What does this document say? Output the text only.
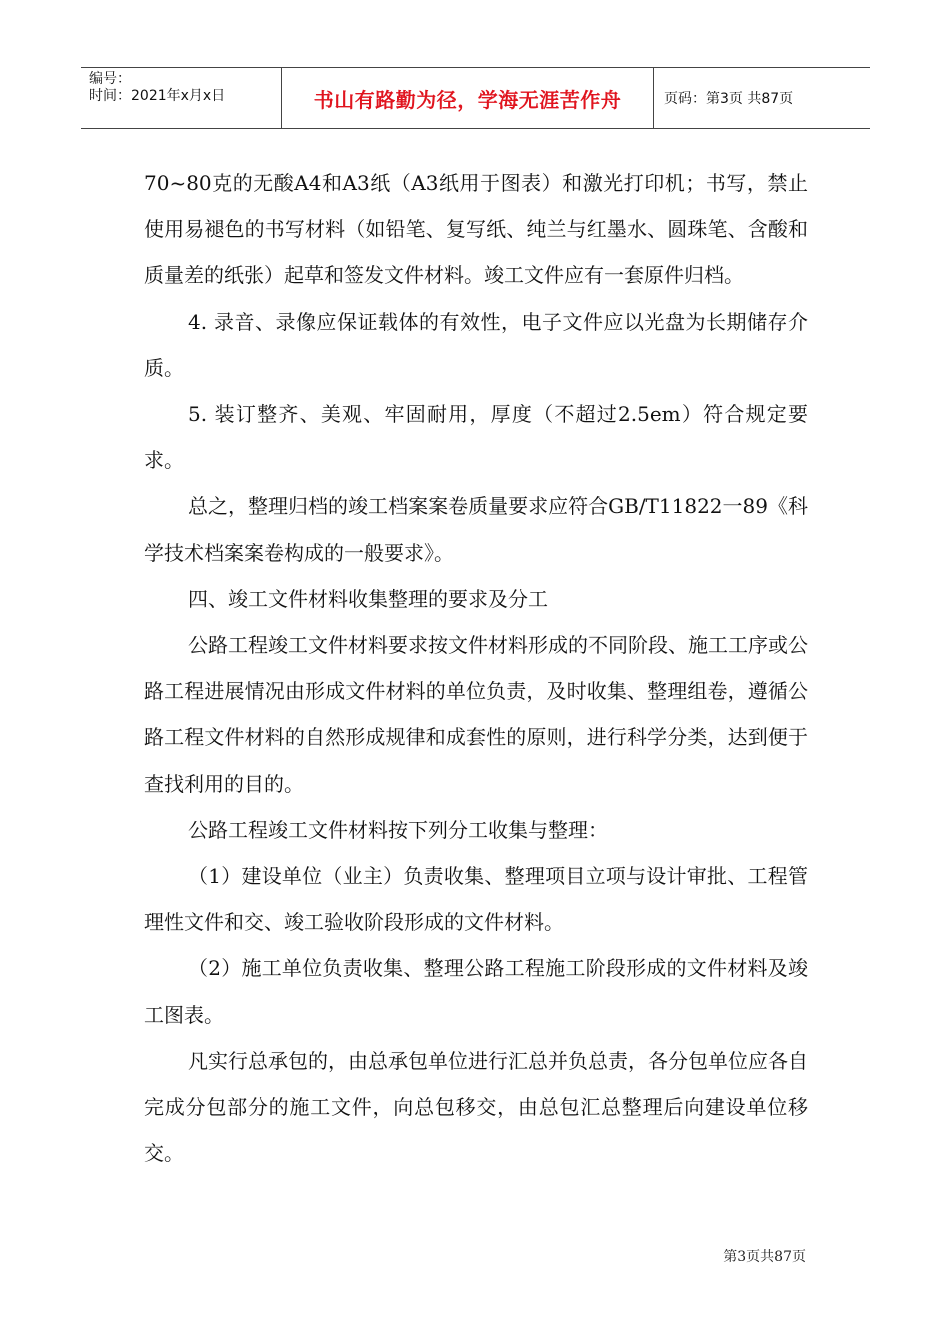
编号：
时间：2021年x月x日	书山有路勤为径，学海无涯苦作舟	页码：第3页 共87页

70~80克的无酸A4和A3纸（A3纸用于图表）和激光打印机；书写，禁止使用易褪色的书写材料（如铅笔、复写纸、纯兰与红墨水、圆珠笔、含酸和质量差的纸张）起草和签发文件材料。竣工文件应有一套原件归档。

4. 录音、录像应保证载体的有效性，电子文件应以光盘为长期储存介质。

5. 装订整齐、美观、牢固耐用，厚度（不超过2.5em）符合规定要求。

总之，整理归档的竣工档案案卷质量要求应符合GB/T11822一89《科学技术档案案卷构成的一般要求》。

四、竣工文件材料收集整理的要求及分工

公路工程竣工文件材料要求按文件材料形成的不同阶段、施工工序或公路工程进展情况由形成文件材料的单位负责，及时收集、整理组卷，遵循公路工程文件材料的自然形成规律和成套性的原则，进行科学分类，达到便于查找利用的目的。

公路工程竣工文件材料按下列分工收集与整理：

（1）建设单位（业主）负责收集、整理项目立项与设计审批、工程管理性文件和交、竣工验收阶段形成的文件材料。

（2）施工单位负责收集、整理公路工程施工阶段形成的文件材料及竣工图表。

凡实行总承包的，由总承包单位进行汇总并负总责，各分包单位应各自完成分包部分的施工文件，向总包移交，由总包汇总整理后向建设单位移交。

第3页共87页
